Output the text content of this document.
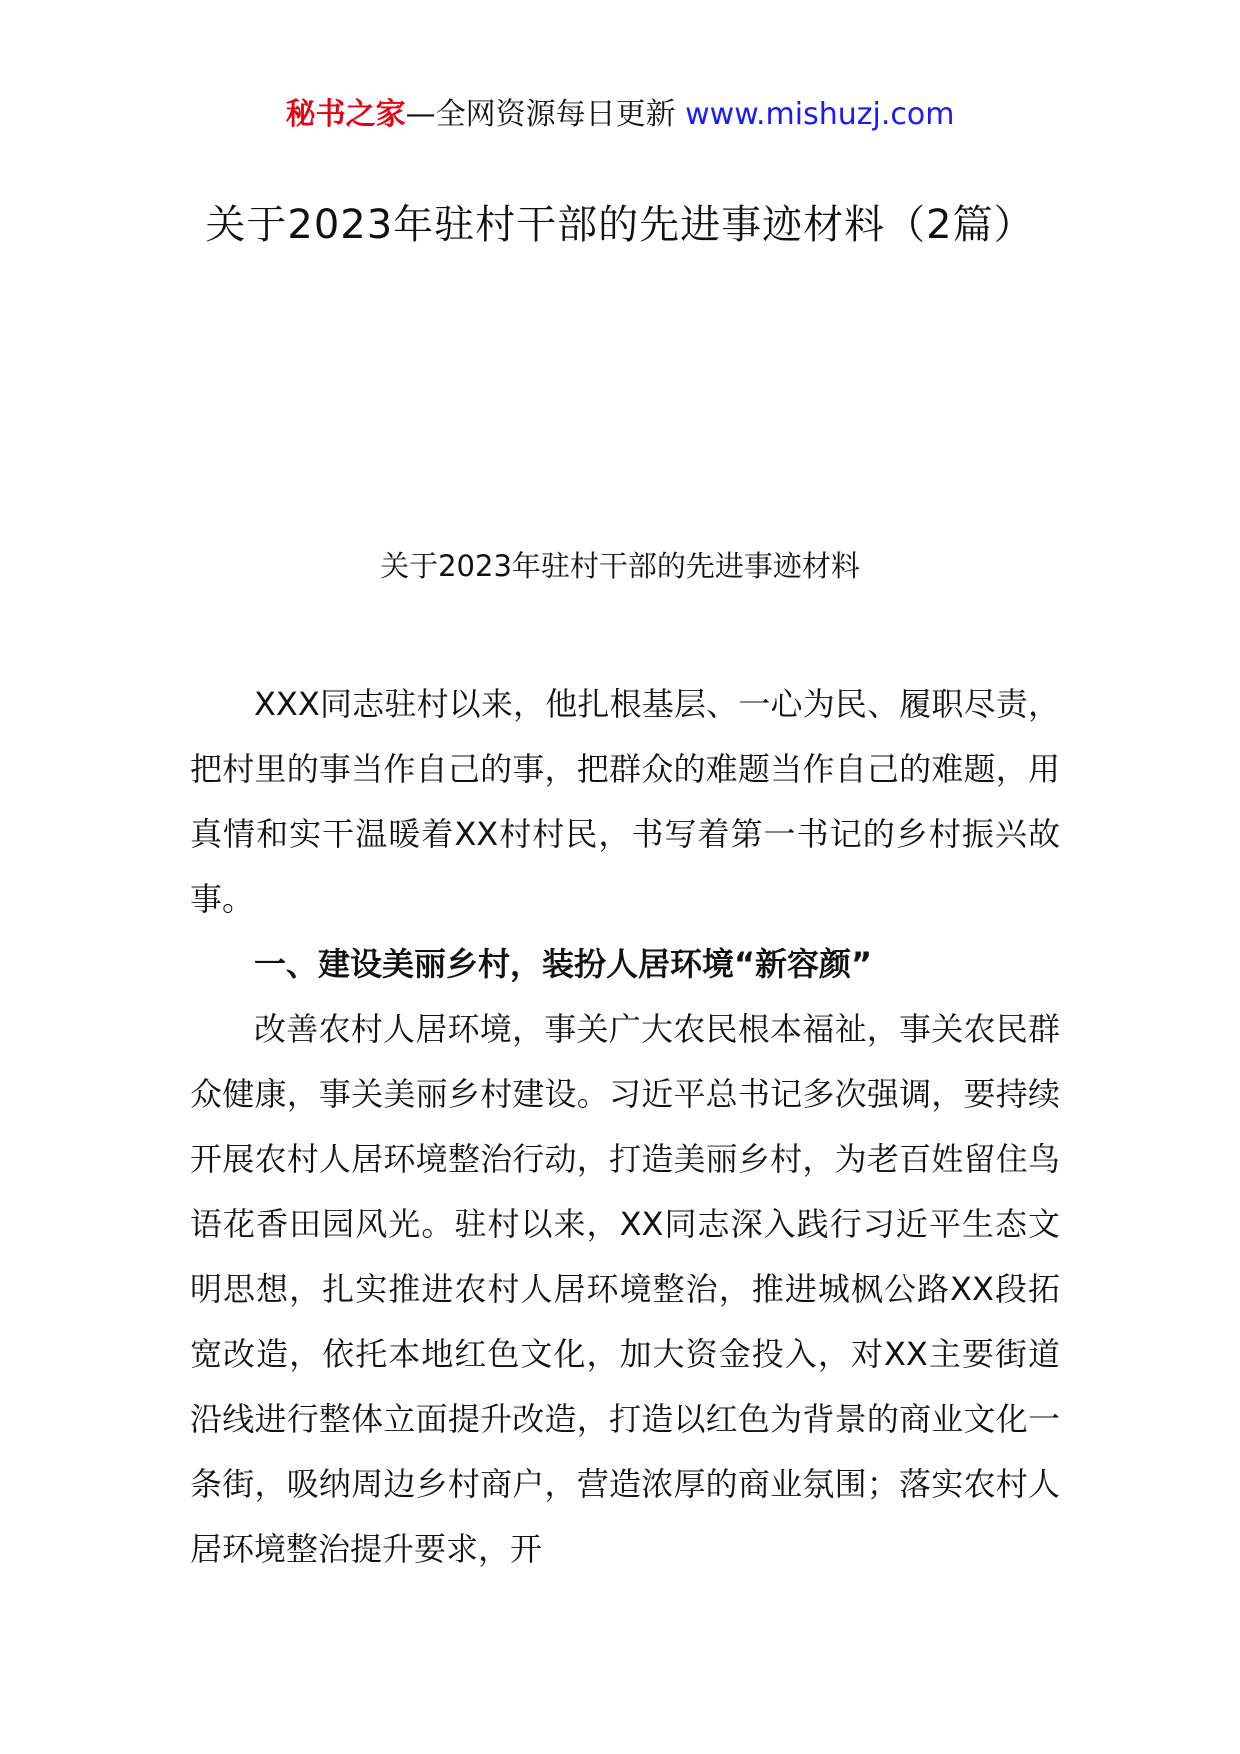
秘书之家—全网资源每日更新 www.mishuzj.com
关于2023年驻村干部的先进事迹材料（2篇）
关于2023年驻村干部的先进事迹材料

XXX同志驻村以来，他扎根基层、一心为民、履职尽责，把村里的事当作自己的事，把群众的难题当作自己的难题，用真情和实干温暖着XX村村民，书写着第一书记的乡村振兴故事。

一、建设美丽乡村，装扮人居环境“新容颜”

改善农村人居环境，事关广大农民根本福祉，事关农民群众健康，事关美丽乡村建设。习近平总书记多次强调，要持续开展农村人居环境整治行动，打造美丽乡村，为老百姓留住鸟语花香田园风光。驻村以来，XX同志深入践行习近平生态文明思想，扎实推进农村人居环境整治，推进城枫公路XX段拓宽改造，依托本地红色文化，加大资金投入，对XX主要街道沿线进行整体立面提升改造，打造以红色为背景的商业文化一条街，吸纳周边乡村商户，营造浓厚的商业氛围；落实农村人居环境整治提升要求，开
